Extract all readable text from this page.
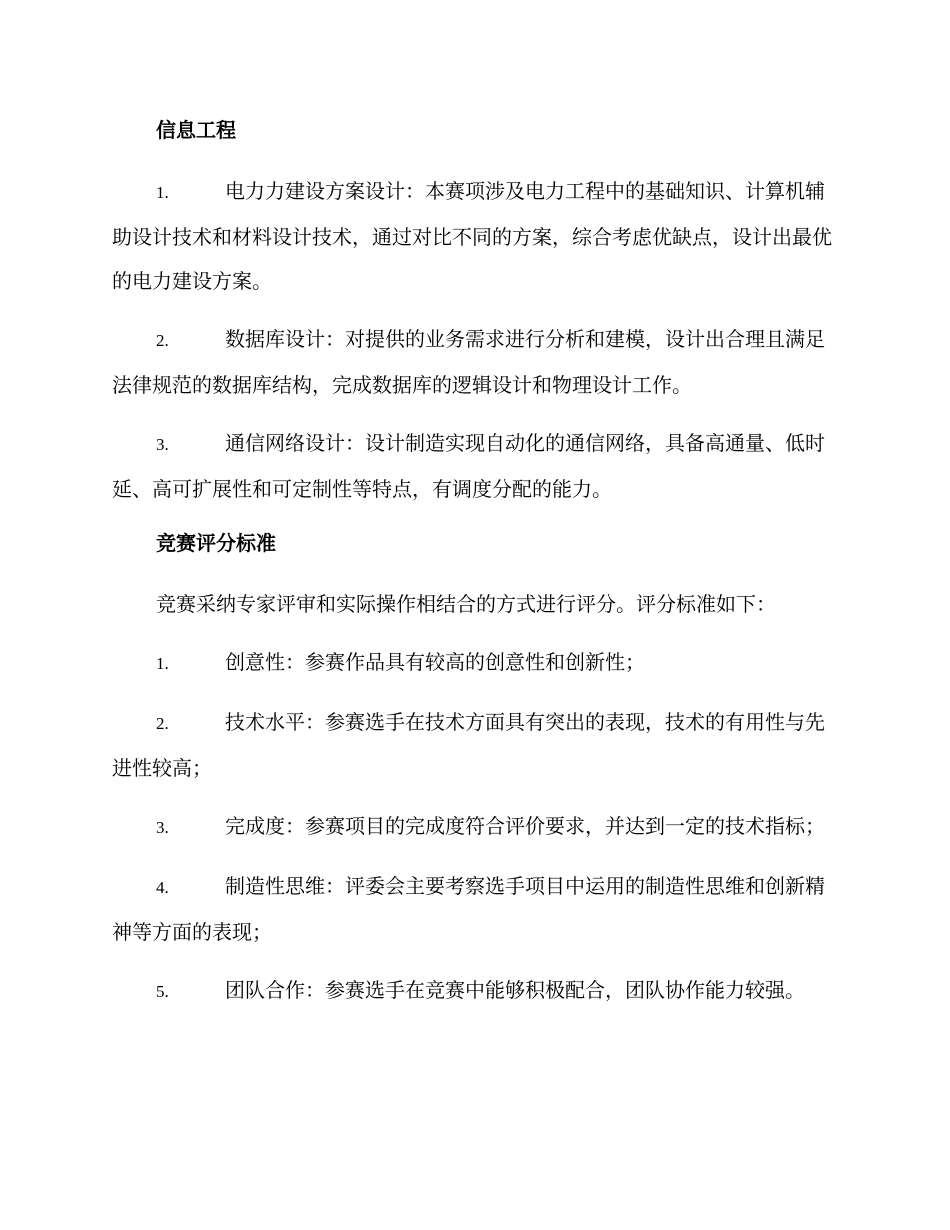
信息工程
1.	电力力建设方案设计：本赛项涉及电力工程中的基础知识、计算机辅助设计技术和材料设计技术，通过对比不同的方案，综合考虑优缺点，设计出最优的电力建设方案。
2.	数据库设计：对提供的业务需求进行分析和建模，设计出合理且满足法律规范的数据库结构，完成数据库的逻辑设计和物理设计工作。
3.	通信网络设计：设计制造实现自动化的通信网络，具备高通量、低时延、高可扩展性和可定制性等特点，有调度分配的能力。
竞赛评分标准
竞赛采纳专家评审和实际操作相结合的方式进行评分。评分标准如下：
1.	创意性：参赛作品具有较高的创意性和创新性；
2.	技术水平：参赛选手在技术方面具有突出的表现，技术的有用性与先进性较高；
3.	完成度：参赛项目的完成度符合评价要求，并达到一定的技术指标；
4.	制造性思维：评委会主要考察选手项目中运用的制造性思维和创新精神等方面的表现；
5.	团队合作：参赛选手在竞赛中能够积极配合，团队协作能力较强。
